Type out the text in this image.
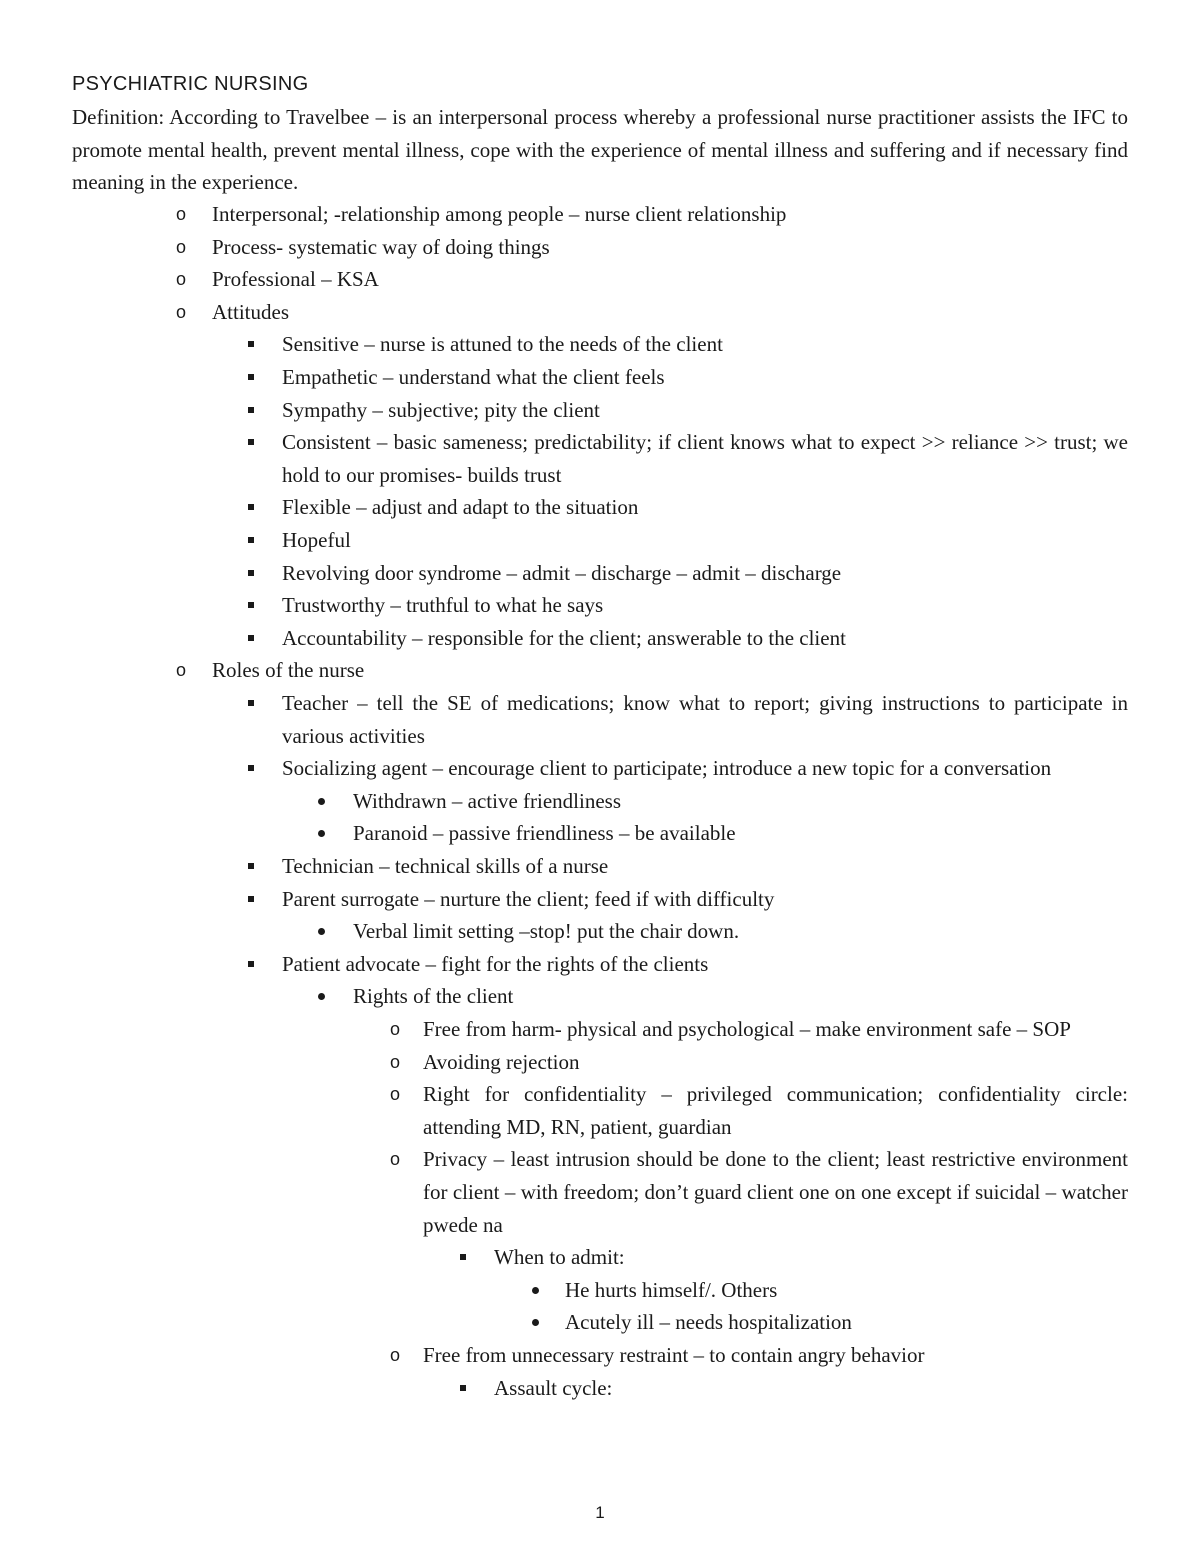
PSYCHIATRIC NURSING
Definition: According to Travelbee – is an interpersonal process whereby a professional nurse practitioner assists the IFC to promote mental health, prevent mental illness, cope with the experience of mental illness and suffering and if necessary find meaning in the experience.
o Interpersonal; -relationship among people – nurse client relationship
o Process- systematic way of doing things
o Professional – KSA
o Attitudes
Sensitive – nurse is attuned to the needs of the client
Empathetic – understand what the client feels
Sympathy – subjective; pity the client
Consistent – basic sameness; predictability; if client knows what to expect >> reliance >> trust; we hold to our promises- builds trust
Flexible – adjust and adapt to the situation
Hopeful
Revolving door syndrome – admit – discharge – admit – discharge
Trustworthy – truthful to what he says
Accountability – responsible for the client; answerable to the client
o Roles of the nurse
Teacher – tell the SE of medications; know what to report; giving instructions to participate in various activities
Socializing agent – encourage client to participate; introduce a new topic for a conversation
Withdrawn – active friendliness
Paranoid – passive friendliness – be available
Technician – technical skills of a nurse
Parent surrogate – nurture the client; feed if with difficulty
Verbal limit setting –stop! put the chair down.
Patient advocate – fight for the rights of the clients
Rights of the client
o Free from harm- physical and psychological – make environment safe – SOP
o Avoiding rejection
o Right for confidentiality – privileged communication; confidentiality circle: attending MD, RN, patient, guardian
o Privacy – least intrusion should be done to the client; least restrictive environment for client – with freedom; don’t guard client one on one except if suicidal – watcher pwede na
When to admit:
He hurts himself/. Others
Acutely ill – needs hospitalization
o Free from unnecessary restraint – to contain angry behavior
Assault cycle:
1
